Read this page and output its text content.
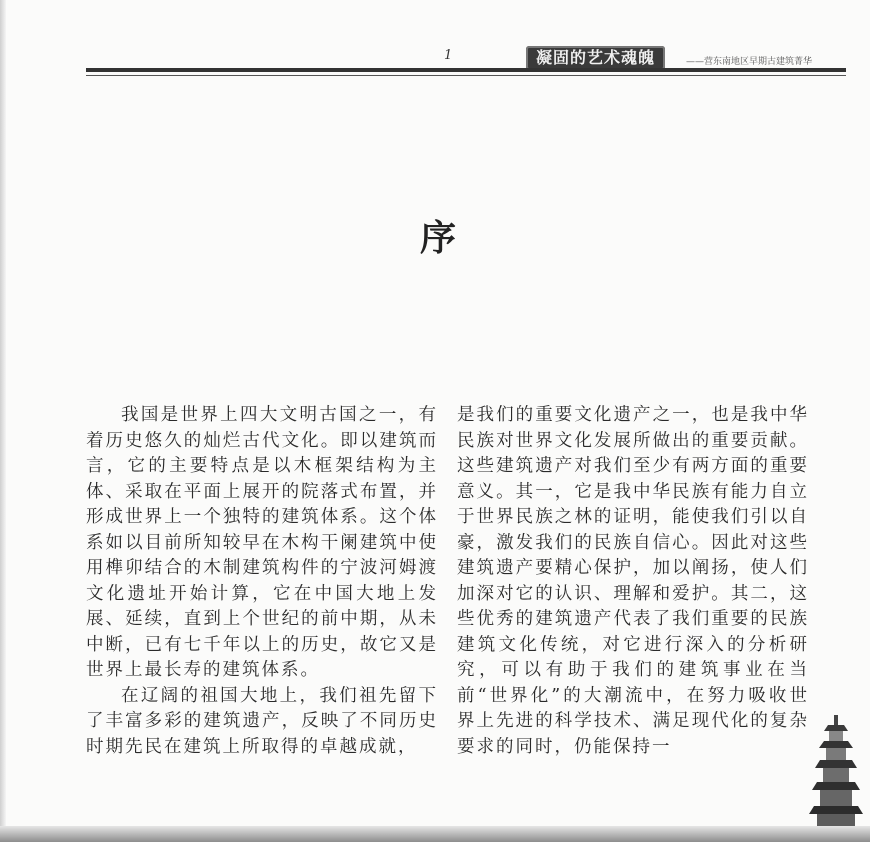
1	凝固的艺术魂魄	——营东南地区早期古建筑菁华
序

我国是世界上四大文明古国之一，有着历史悠久的灿烂古代文化。即以建筑而言，它的主要特点是以木框架结构为主体、采取在平面上展开的院落式布置，并形成世界上一个独特的建筑体系。这个体系如以目前所知较早在木构干阑建筑中使用榫卯结合的木制建筑构件的宁波河姆渡文化遗址开始计算，它在中国大地上发展、延续，直到上个世纪的前中期，从未中断，已有七千年以上的历史，故它又是世界上最长寿的建筑体系。

在辽阔的祖国大地上，我们祖先留下了丰富多彩的建筑遗产，反映了不同历史时期先民在建筑上所取得的卓越成就，

是我们的重要文化遗产之一，也是我中华民族对世界文化发展所做出的重要贡献。这些建筑遗产对我们至少有两方面的重要意义。其一，它是我中华民族有能力自立于世界民族之林的证明，能使我们引以自豪，激发我们的民族自信心。因此对这些建筑遗产要精心保护，加以阐扬，使人们加深对它的认识、理解和爱护。其二，这些优秀的建筑遗产代表了我们重要的民族建筑文化传统，对它进行深入的分析研究，可以有助于我们的建筑事业在当前“世界化”的大潮流中，在努力吸收世界上先进的科学技术、满足现代化的复杂要求的同时，仍能保持一
